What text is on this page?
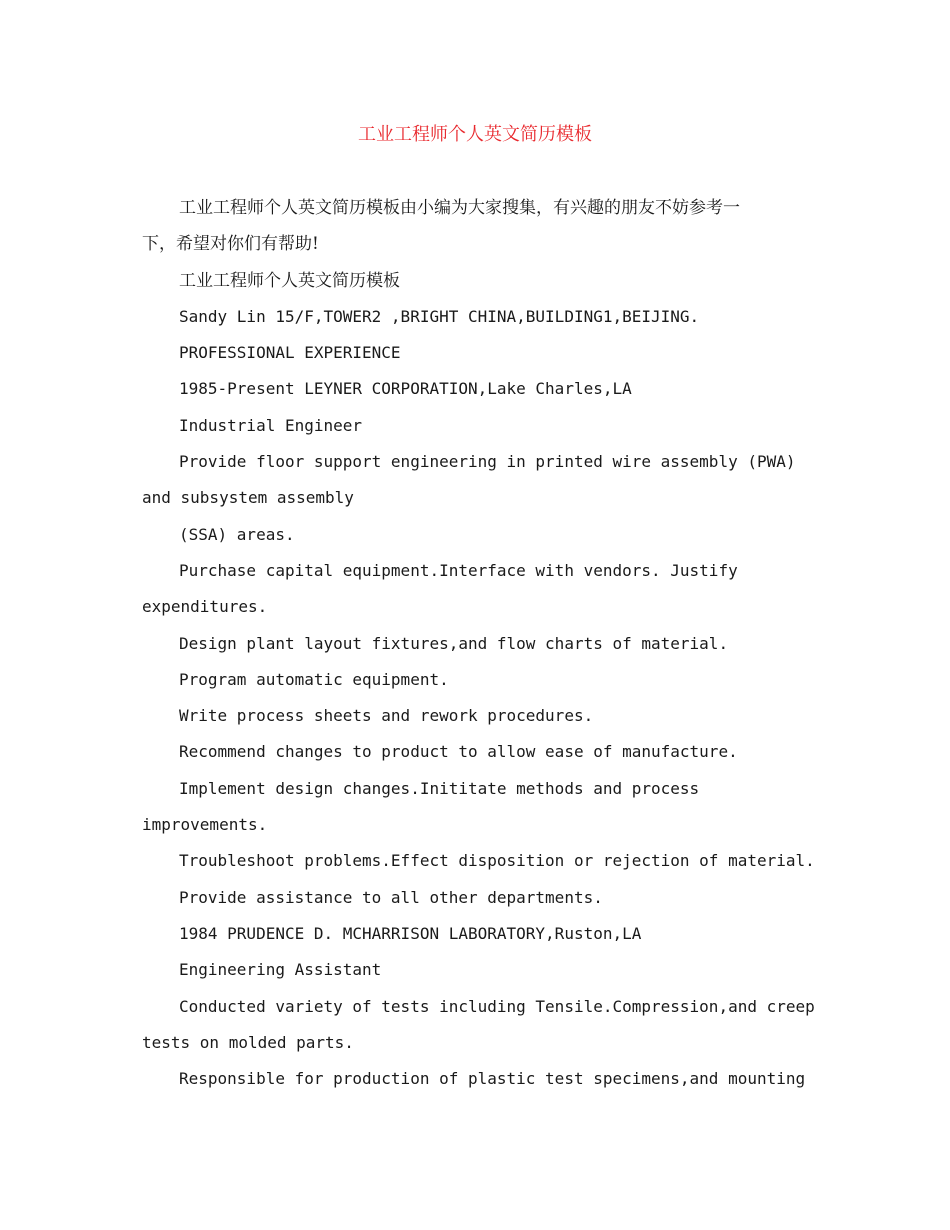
工业工程师个人英文简历模板

工业工程师个人英文简历模板由小编为大家搜集，有兴趣的朋友不妨参考一

下，希望对你们有帮助!

工业工程师个人英文简历模板

Sandy Lin 15/F,TOWER2 ,BRIGHT CHINA,BUILDING1,BEIJING.

PROFESSIONAL EXPERIENCE

1985-Present LEYNER CORPORATION,Lake Charles,LA

Industrial Engineer

Provide floor support engineering in printed wire assembly (PWA)

and subsystem assembly

(SSA) areas.

Purchase capital equipment.Interface with vendors. Justify

expenditures.

Design plant layout fixtures,and flow charts of material.

Program automatic equipment.

Write process sheets and rework procedures.

Recommend changes to product to allow ease of manufacture.

Implement design changes.Inititate methods and process

improvements.

Troubleshoot problems.Effect disposition or rejection of material.

Provide assistance to all other departments.

1984 PRUDENCE D. MCHARRISON LABORATORY,Ruston,LA

Engineering Assistant

Conducted variety of tests including Tensile.Compression,and creep

tests on molded parts.

Responsible for production of plastic test specimens,and mounting
